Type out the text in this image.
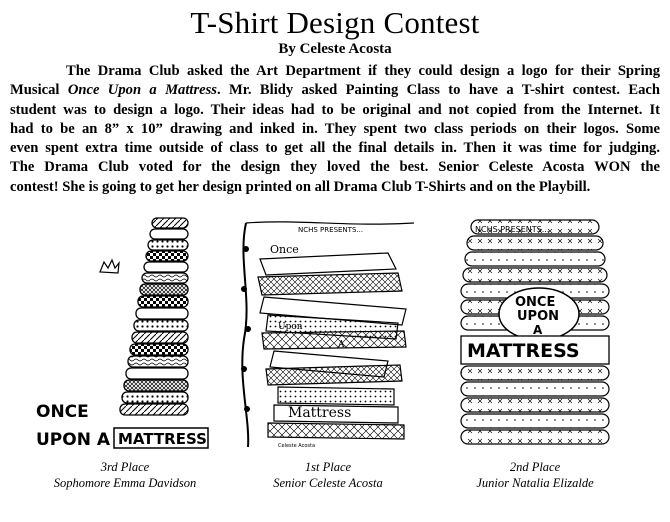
T-Shirt Design Contest
By Celeste Acosta
The Drama Club asked the Art Department if they could design a logo for their Spring
Musical Once Upon a Mattress. Mr. Blidy asked Painting Class to have a T-shirt contest. Each
student was to design a logo. Their ideas had to be original and not copied from the Internet. It
had to be an 8” x 10” drawing and inked in. They spent two class periods on their logos. Some
even spent extra time outside of class to get all the final details in. Then it was time for judging.
The Drama Club voted for the design they loved the best. Senior Celeste Acosta WON the
contest! She is going to get her design printed on all Drama Club T-Shirts and on the Playbill.
ONCE
UPON A MATTRESS
3rd Place
Sophomore Emma Davidson
NCHS PRESENTS...
Once
Upon
A
Mattress
Celeste Acosta
1st Place
Senior Celeste Acosta
NCHS PRESENTS...
ONCE
UPON
A
MATTRESS
2nd Place
Junior Natalia Elizalde
